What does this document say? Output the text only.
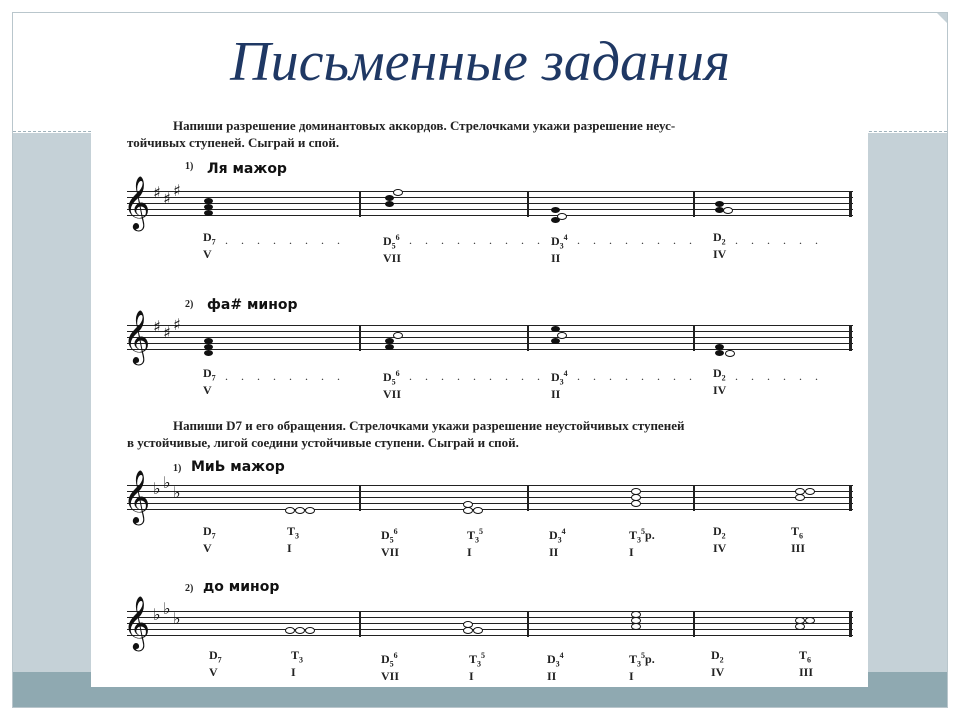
Письменные задания
Напиши разрешение доминантовых аккордов. Стрелочками укажи разрешение неус-
тойчивых ступеней. Сыграй и спой.
1) Ля мажор
𝄞 ♯ ♯ ♯
$D_7$
V
. . . . . . . .	$D_5^6$
VII
. . . . . . . . . $D_3^4$
II
. . . . . . . . $D_2$
IV
. . . . . .
2) фа# минор
𝄞 ♯ ♯ ♯
$D_7$
V
. . . . . . . .	$D_5^6$
VII
. . . . . . . . . $D_3^4$
II
. . . . . . . . $D_2$
IV
. . . . . .
Напиши D7 и его обращения. Стрелочками укажи разрешение неустойчивых ступеней
в устойчивые, лигой соедини устойчивые ступени. Сыграй и спой.
1) МиЬ мажор
𝄞 ♭ ♭
♭
$D_7$
V
$T_3$
I
$D_5^6$
VII
$T_3^5$
I
$D_3^4$
II
$T_3^5р$.
I
$D_2$
IV
$T_6$
III
2) до минор
𝄞 ♭ ♭
♭
$D_7$
V
$T_3$
I
$D_5^6$
VII
$T_3^5$
I
$D_3^4$
II
$T_3^5р$.
I
$D_2$
IV
$T_6$
III
